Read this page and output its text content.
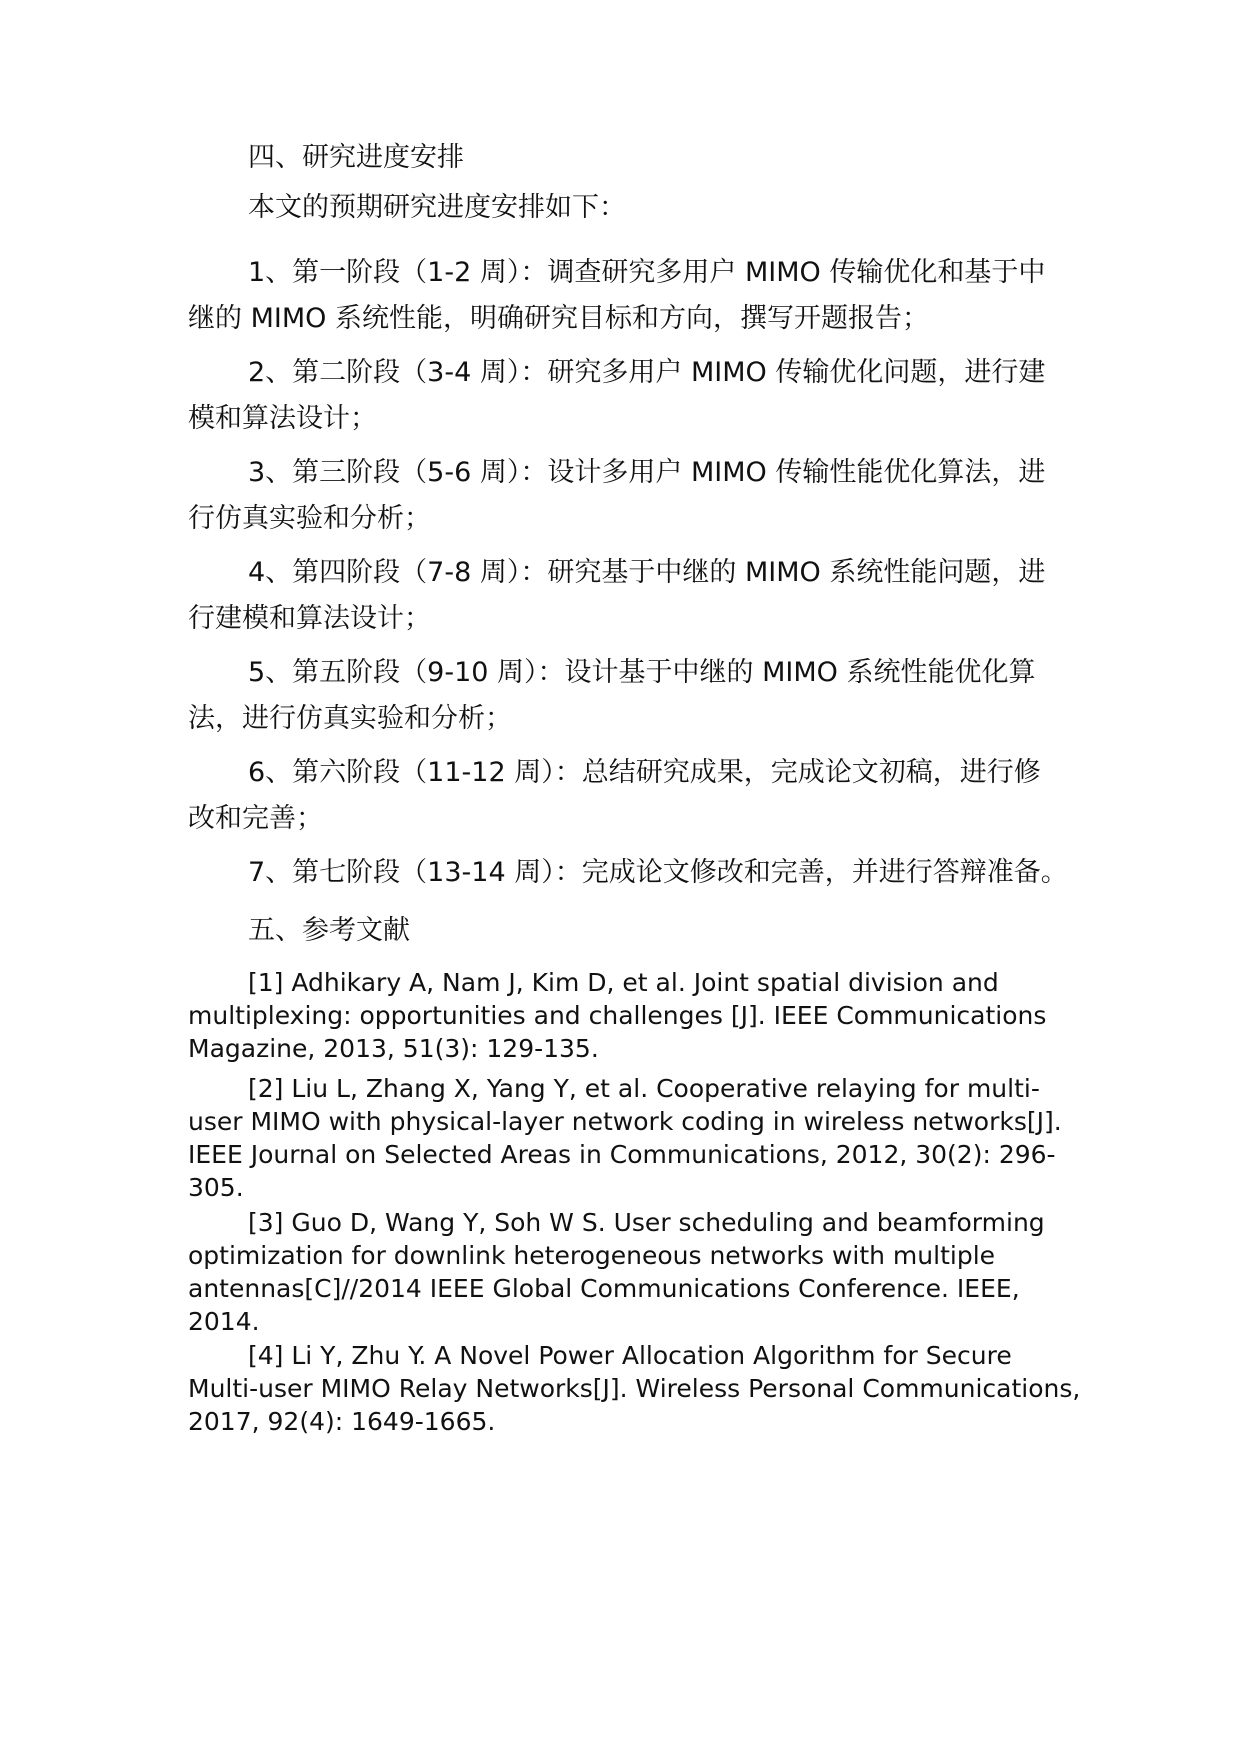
四、研究进度安排
本文的预期研究进度安排如下：
1、第一阶段（1-2 周）：调查研究多用户 MIMO 传输优化和基于中
继的 MIMO 系统性能，明确研究目标和方向，撰写开题报告；
2、第二阶段（3-4 周）：研究多用户 MIMO 传输优化问题，进行建
模和算法设计；
3、第三阶段（5-6 周）：设计多用户 MIMO 传输性能优化算法，进
行仿真实验和分析；
4、第四阶段（7-8 周）：研究基于中继的 MIMO 系统性能问题，进
行建模和算法设计；
5、第五阶段（9-10 周）：设计基于中继的 MIMO 系统性能优化算
法，进行仿真实验和分析；
6、第六阶段（11-12 周）：总结研究成果，完成论文初稿，进行修
改和完善；
7、第七阶段（13-14 周）：完成论文修改和完善，并进行答辩准备。
五、参考文献
[1] Adhikary A, Nam J, Kim D, et al. Joint spatial division and
multiplexing: opportunities and challenges [J]. IEEE Communications
Magazine, 2013, 51(3): 129-135.
[2] Liu L, Zhang X, Yang Y, et al. Cooperative relaying for multi-
user MIMO with physical-layer network coding in wireless networks[J].
IEEE Journal on Selected Areas in Communications, 2012, 30(2): 296-
305.
[3] Guo D, Wang Y, Soh W S. User scheduling and beamforming
optimization for downlink heterogeneous networks with multiple
antennas[C]//2014 IEEE Global Communications Conference. IEEE,
2014.
[4] Li Y, Zhu Y. A Novel Power Allocation Algorithm for Secure
Multi-user MIMO Relay Networks[J]. Wireless Personal Communications,
2017, 92(4): 1649-1665.
